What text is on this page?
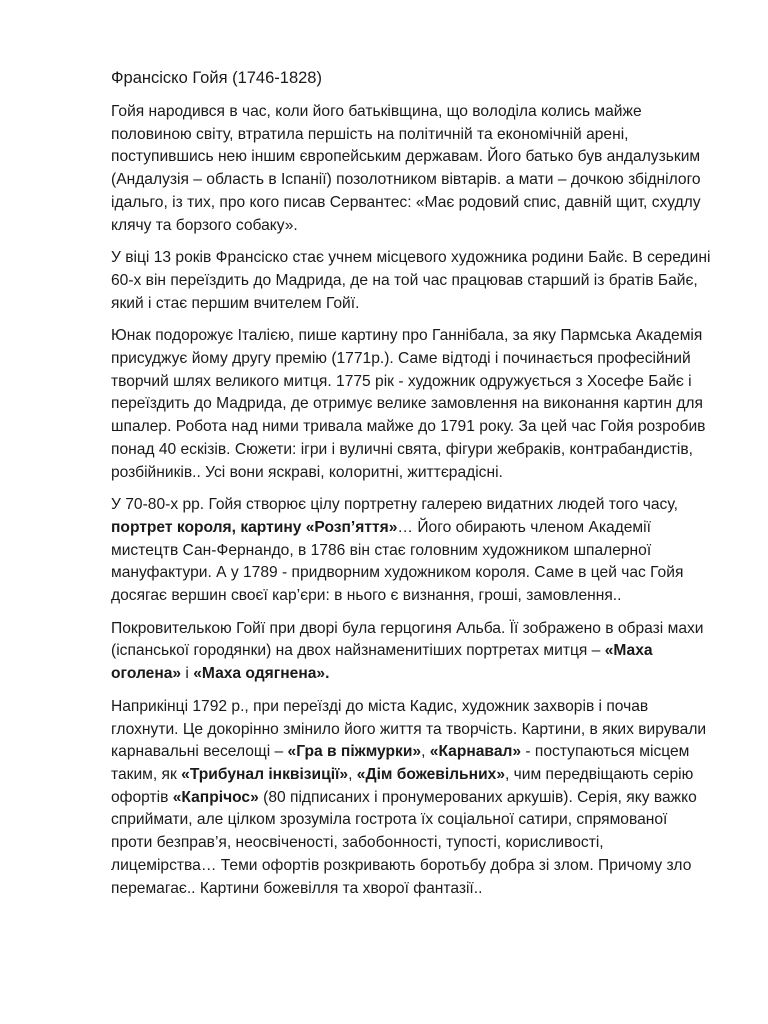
Франсіско Гойя (1746-1828)

Гойя народився в час, коли його батьківщина, що володіла колись майже половиною світу, втратила першість на політичній та економічній арені, поступившись нею іншим європейським державам. Його батько був андалузьким (Андалузія – область в Іспанії) позолотником вівтарів. а мати – дочкою збіднілого ідальго, із тих, про кого писав Сервантес: «Має родовий спис, давній щит, схудлу клячу та борзого собаку».

У віці 13 років Франсіско стає учнем місцевого художника родини Байє. В середині 60-х він переїздить до Мадрида, де на той час працював старший із братів Байє, який і стає першим вчителем Гойї.

Юнак подорожує Італією, пише картину про Ганнібала, за яку Пармська Академія присуджує йому другу премію (1771р.). Саме відтоді і починається професійний творчий шлях великого митця. 1775 рік - художник одружується з Хосефе Байє і переїздить до Мадрида, де отримує велике замовлення на виконання картин для шпалер. Робота над ними тривала майже до 1791 року. За цей час Гойя розробив понад 40 ескізів. Сюжети: ігри і вуличні свята, фігури жебраків, контрабандистів, розбійників.. Усі вони яскраві, колоритні, життєрадісні.

У 70-80-х рр. Гойя створює цілу портретну галерею видатних людей того часу, портрет короля, картину «Розп’яття»… Його обирають членом Академії мистецтв Сан-Фернандо, в 1786 він стає головним художником шпалерної мануфактури. А у 1789 - придворним художником короля. Саме в цей час Гойя досягає вершин своєї кар’єри: в нього є визнання, гроші, замовлення..

Покровителькою Гойї при дворі була герцогиня Альба. Її зображено в образі махи (іспанської городянки) на двох найзнаменитіших портретах митця – «Маха оголена» і «Маха одягнена».

Наприкінці 1792 р., при переїзді до міста Кадис, художник захворів і почав глохнути. Це докорінно змінило його життя та творчість. Картини, в яких вирували карнавальні веселощі – «Гра в піжмурки», «Карнавал» - поступаються місцем таким, як «Трибунал інквізиції», «Дім божевільних», чим передвіщають серію офортів «Капрічос» (80 підписаних і пронумерованих аркушів). Серія, яку важко сприймати, але цілком зрозуміла гострота їх соціальної сатири, спрямованої проти безправ’я, неосвіченості, забобонності, тупості, корисливості, лицемірства… Теми офортів розкривають боротьбу добра зі злом. Причому зло перемагає.. Картини божевілля та хворої фантазії..
